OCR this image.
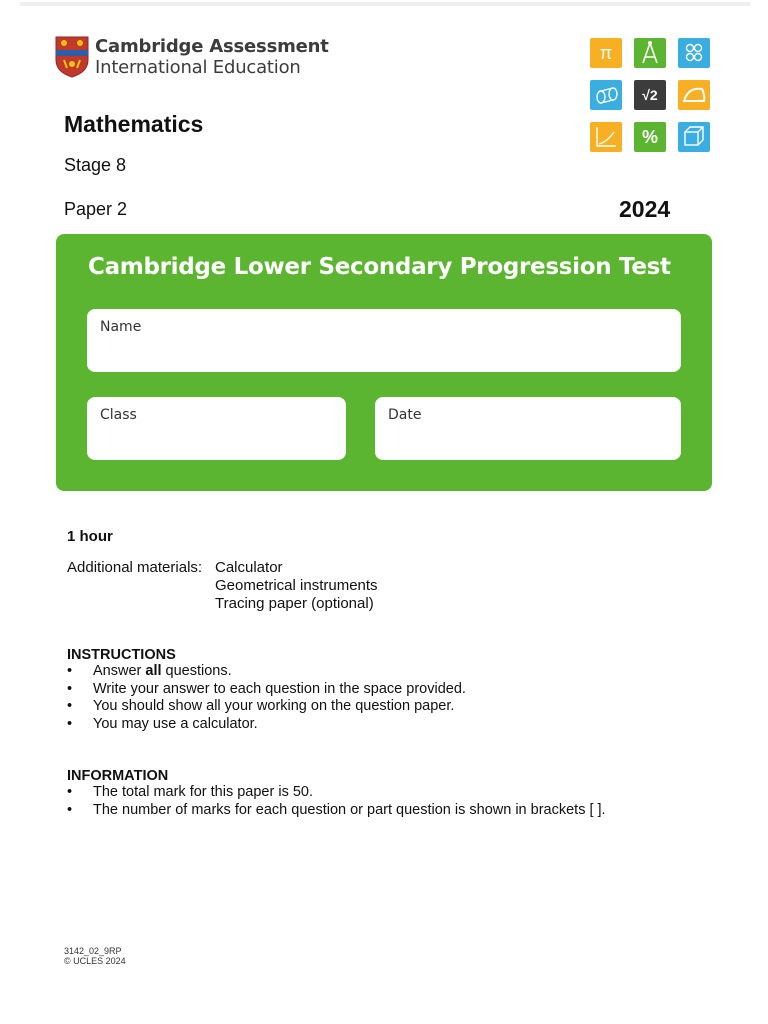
Cambridge Assessment
International Education
π
√2
%
Mathematics
Stage 8
Paper 2	2024
Cambridge Lower Secondary Progression Test
Name
Class	Date
1 hour
Additional materials: Calculator
Geometrical instruments
Tracing paper (optional)
INSTRUCTIONS
• Answer all questions.
• Write your answer to each question in the space provided.
• You should show all your working on the question paper.
• You may use a calculator.
INFORMATION
• The total mark for this paper is 50.
• The number of marks for each question or part question is shown in brackets [ ].
3142_02_9RP
© UCLES 2024
